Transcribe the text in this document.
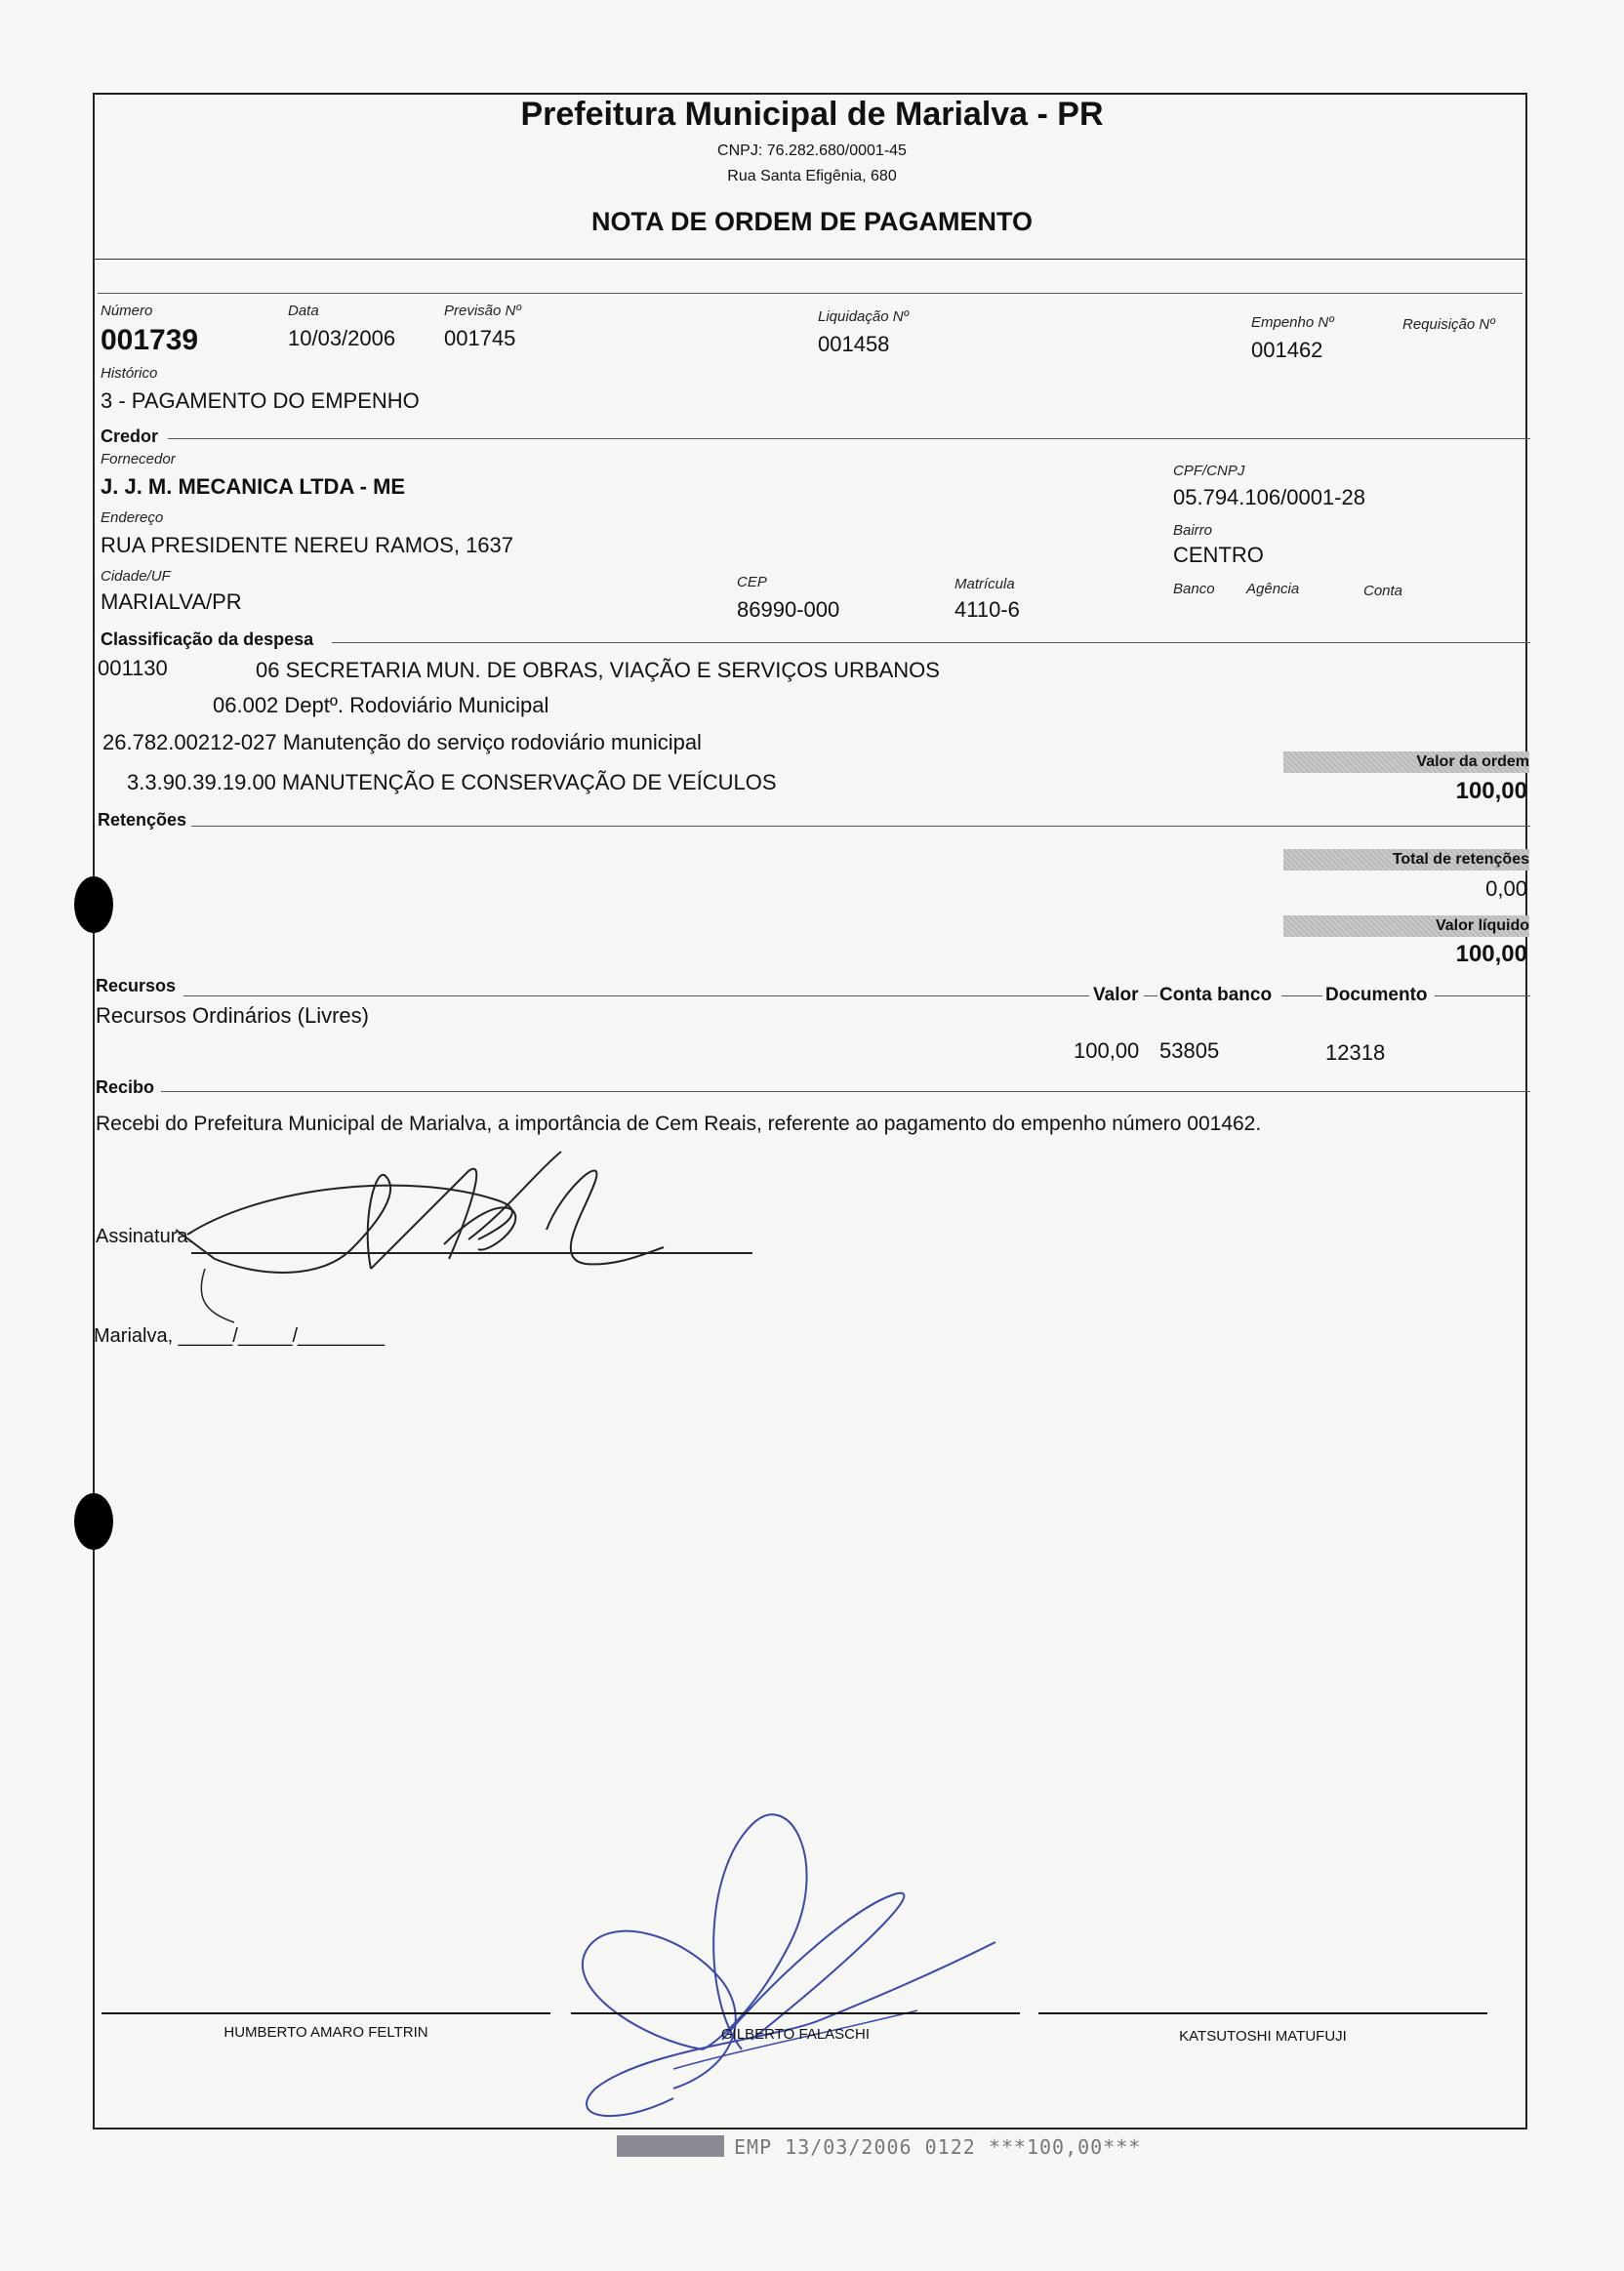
Prefeitura Municipal de Marialva - PR
CNPJ: 76.282.680/0001-45
Rua Santa Efigênia, 680
NOTA DE ORDEM DE PAGAMENTO
Número
001739
Data
10/03/2006
Previsão Nº
001745
Liquidação Nº
001458
Empenho Nº
001462
Requisição Nº
Histórico
3 - PAGAMENTO DO EMPENHO
Credor
Fornecedor
J. J. M. MECANICA LTDA - ME
CPF/CNPJ
05.794.106/0001-28
Endereço
RUA PRESIDENTE NEREU RAMOS, 1637
Bairro
CENTRO
Cidade/UF
MARIALVA/PR
CEP
86990-000
Matrícula
4110-6
Banco Agência	Conta
Classificação da despesa
001130	06 SECRETARIA MUN. DE OBRAS, VIAÇÃO E SERVIÇOS URBANOS
06.002 Deptº. Rodoviário Municipal
26.782.00212-027 Manutenção do serviço rodoviário municipal
3.3.90.39.19.00 MANUTENÇÃO E CONSERVAÇÃO DE VEÍCULOS
Valor da ordem
100,00
Retenções
Total de retenções
0,00
Valor líquido
100,00
Recursos	Valor Conta banco	Documento
Recursos Ordinários (Livres)
100,00 53805	12318
Recibo
Recebi do Prefeitura Municipal de Marialva, a importância de Cem Reais, referente ao pagamento do empenho número 001462.
Assinatura:
Marialva, _____/_____/________
HUMBERTO AMARO FELTRIN	GILBERTO FALASCHI	KATSUTOSHI MATUFUJI
EMP 13/03/2006 0122 ***100,00***
